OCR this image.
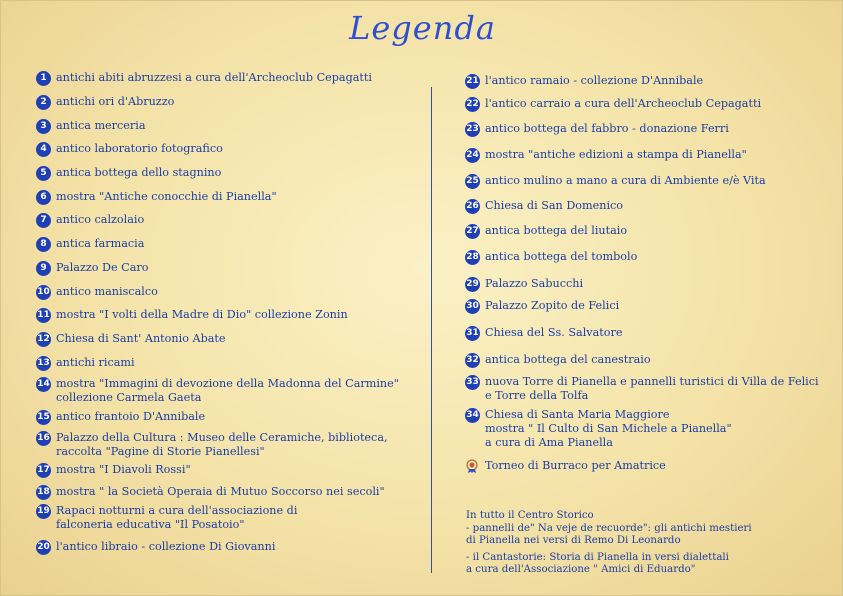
Legenda
1 antichi abiti abruzzesi a cura dell'Archeoclub Cepagatti
2 antichi ori d'Abruzzo
3 antica merceria
4 antico laboratorio fotografico
5 antica bottega dello stagnino
6 mostra "Antiche conocchie di Pianella"
7 antico calzolaio
8 antica farmacia
9 Palazzo De Caro
10 antico maniscalco
11 mostra "I volti della Madre di Dio" collezione Zonin
12 Chiesa di Sant' Antonio Abate
13 antichi ricami
14 mostra "Immagini di devozione della Madonna del Carmine"
collezione Carmela Gaeta
15 antico frantoio D'Annibale
16 Palazzo della Cultura : Museo delle Ceramiche, biblioteca,
raccolta "Pagine di Storie Pianellesi"
17 mostra "I Diavoli Rossi"
18 mostra " la Società Operaia di Mutuo Soccorso nei secoli"
19 Rapaci notturni a cura dell'associazione di
falconeria educativa "Il Posatoio"
20 l'antico libraio - collezione Di Giovanni
21 l'antico ramaio - collezione D'Annibale
22 l'antico carraio a cura dell'Archeoclub Cepagatti
23 antico bottega del fabbro - donazione Ferri
24 mostra "antiche edizioni a stampa di Pianella"
25 antico mulino a mano a cura di Ambiente e/è Vita
26 Chiesa di San Domenico
27 antica bottega del liutaio
28 antica bottega del tombolo
29 Palazzo Sabucchi
30 Palazzo Zopito de Felici
31 Chiesa del Ss. Salvatore
32 antica bottega del canestraio
33 nuova Torre di Pianella e pannelli turistici di Villa de Felici
e Torre della Tolfa
34 Chiesa di Santa Maria Maggiore
mostra " Il Culto di San Michele a Pianella"
a cura di Ama Pianella
Torneo di Burraco per Amatrice
In tutto il Centro Storico
- pannelli de" Na veje de recuorde": gli antichi mestieri
di Pianella nei versi di Remo Di Leonardo
- il Cantastorie: Storia di Pianella in versi dialettali
a cura dell'Associazione " Amici di Eduardo"
